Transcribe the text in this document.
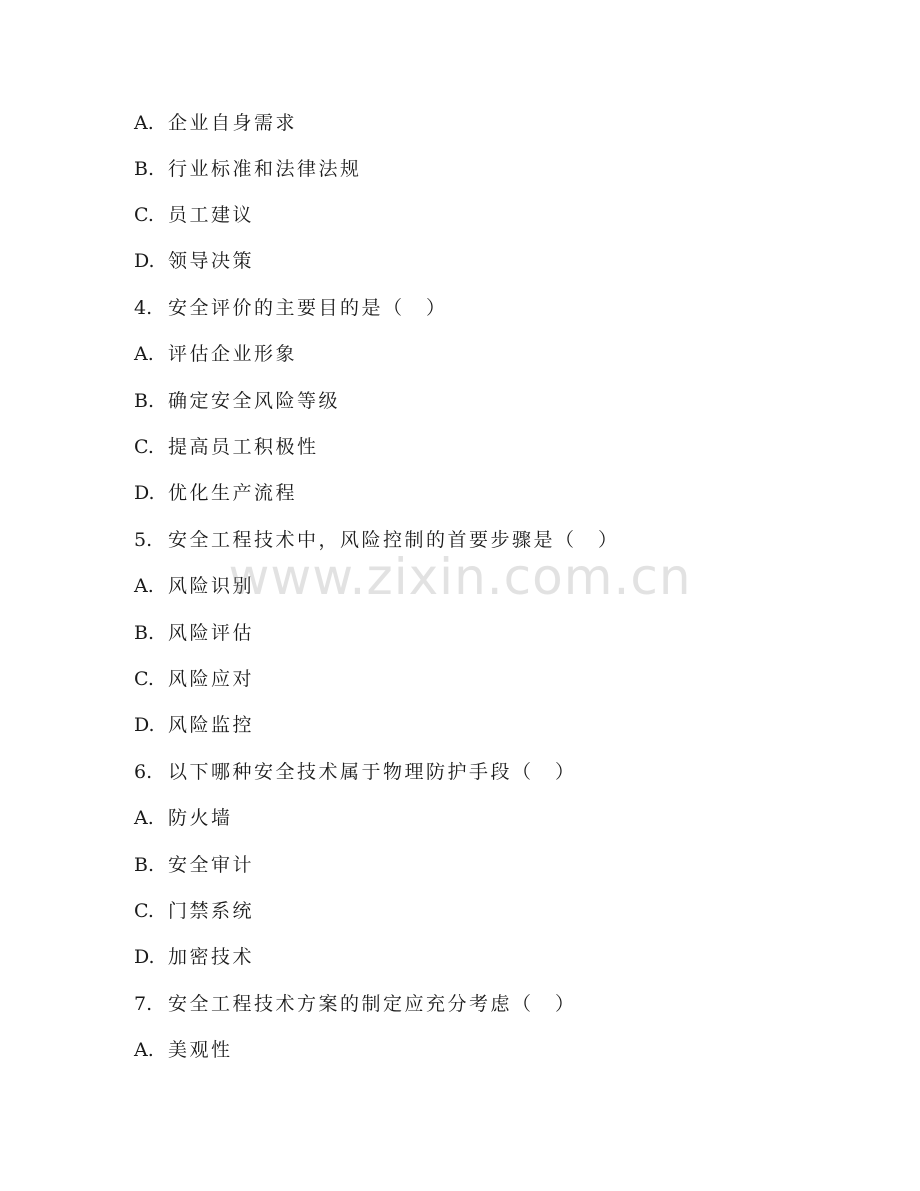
A. 企业自身需求
B. 行业标准和法律法规
C. 员工建议
D. 领导决策
4. 安全评价的主要目的是（　）
A. 评估企业形象
B. 确定安全风险等级
C. 提高员工积极性
D. 优化生产流程
5. 安全工程技术中，风险控制的首要步骤是（　）
A. 风险识别
B. 风险评估
C. 风险应对
D. 风险监控
6. 以下哪种安全技术属于物理防护手段（　）
A. 防火墙
B. 安全审计
C. 门禁系统
D. 加密技术
7. 安全工程技术方案的制定应充分考虑（　）
A. 美观性
www.zixin.com.cn
